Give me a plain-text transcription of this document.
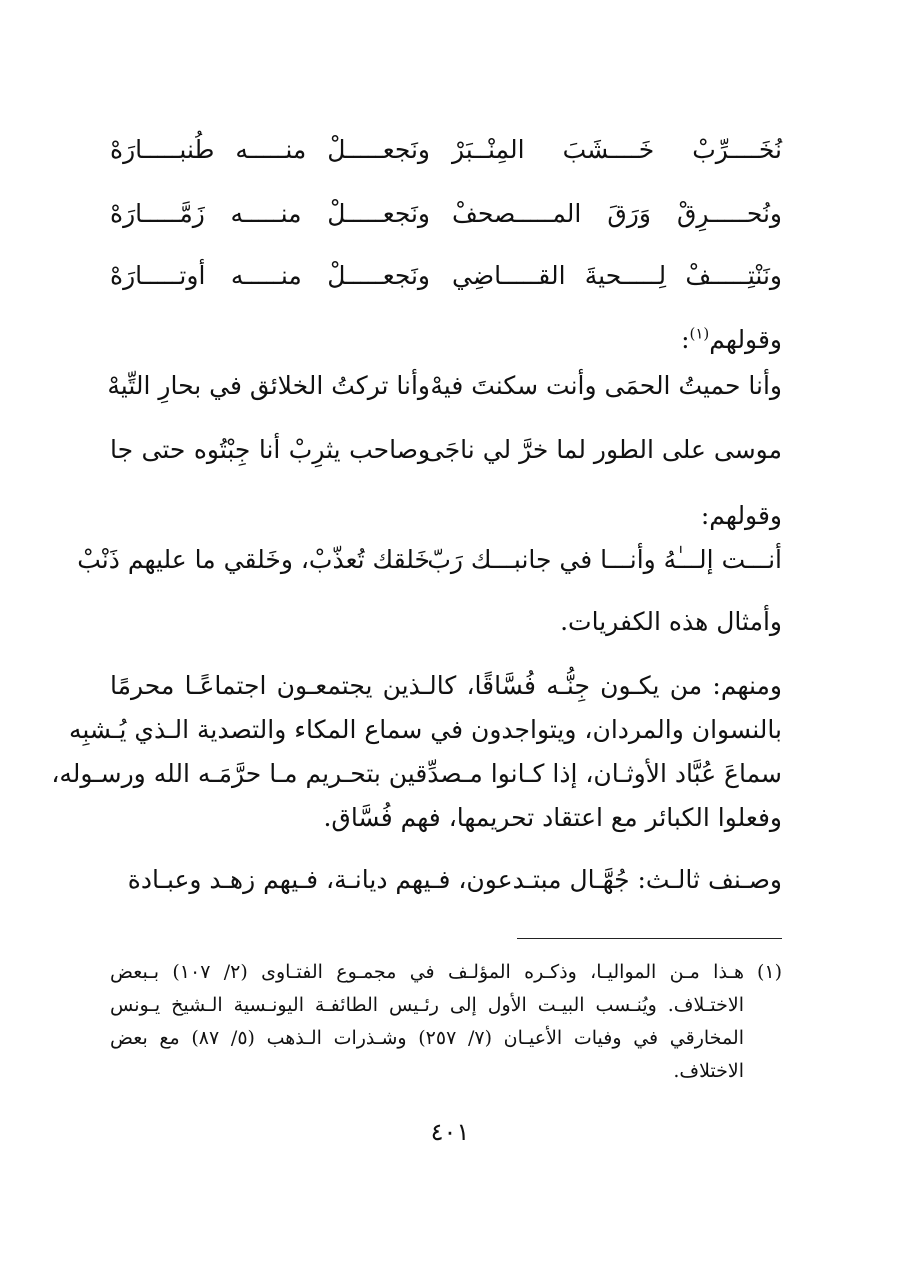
نُخَــــرِّبْ خَــــشَبَ المِنْــبَرْ
ونَجعـــــلْ منـــــه طُنبـــــارَهْ
ونُحـــــرِقْ وَرَقَ المـــــصحفْ
ونَجعـــــلْ منـــــه زَمَّـــــارَهْ
ونَنْتِـــــفْ لِـــــحيةَ القـــــاضِي
ونَجعـــــلْ منـــــه أوتـــــارَهْ
وقولهم$^{(١)}$:
وأنا حميتُ الحمَى وأنت سكنتَ فيهْ
وأنا تركتُ الخلائق في بحارِ التِّيهْ
موسى على الطور لما خرَّ لي ناجَى
وصاحب يثرِبْ أنا جِبْتُوه حتى جا
وقولهم:
أنـــت إلـــٰهُ وأنـــا في جانبـــك رَبّ
خَلقك تُعذّبْ، وخَلقي ما عليهم ذَنْبْ
وأمثال هذه الكفريات.
ومنهم: من يكـون جِنُّـه فُسَّاقًا، كالـذين يجتمعـون اجتماعًـا محرمًا
بالنسوان والمردان، ويتواجدون في سماع المكاء والتصدية الـذي يُـشبِه
سماعَ عُبَّاد الأوثـان، إذا كـانوا مـصدِّقين بتحـريم مـا حرَّمَـه الله ورسـوله،
وفعلوا الكبائر مع اعتقاد تحريمها، فهم فُسَّاق.
وصـنف ثالـث: جُهَّـال مبتـدعون، فـيهم ديانـة، فـيهم زهـد وعبـادة
(١)
هـذا مـن المواليـا، وذكـره المؤلـف في مجمـوع الفتـاوى (٢/ ١٠٧) بـبعض
الاختـلاف. ويُنـسب البيـت الأول إلى رئـيس الطائفـة اليونـسية الـشيخ يـونس
المخارقي في وفيات الأعيـان (٧/ ٢٥٧) وشـذرات الـذهب (٥/ ٨٧) مع بعض
الاختلاف.
٤٠١
